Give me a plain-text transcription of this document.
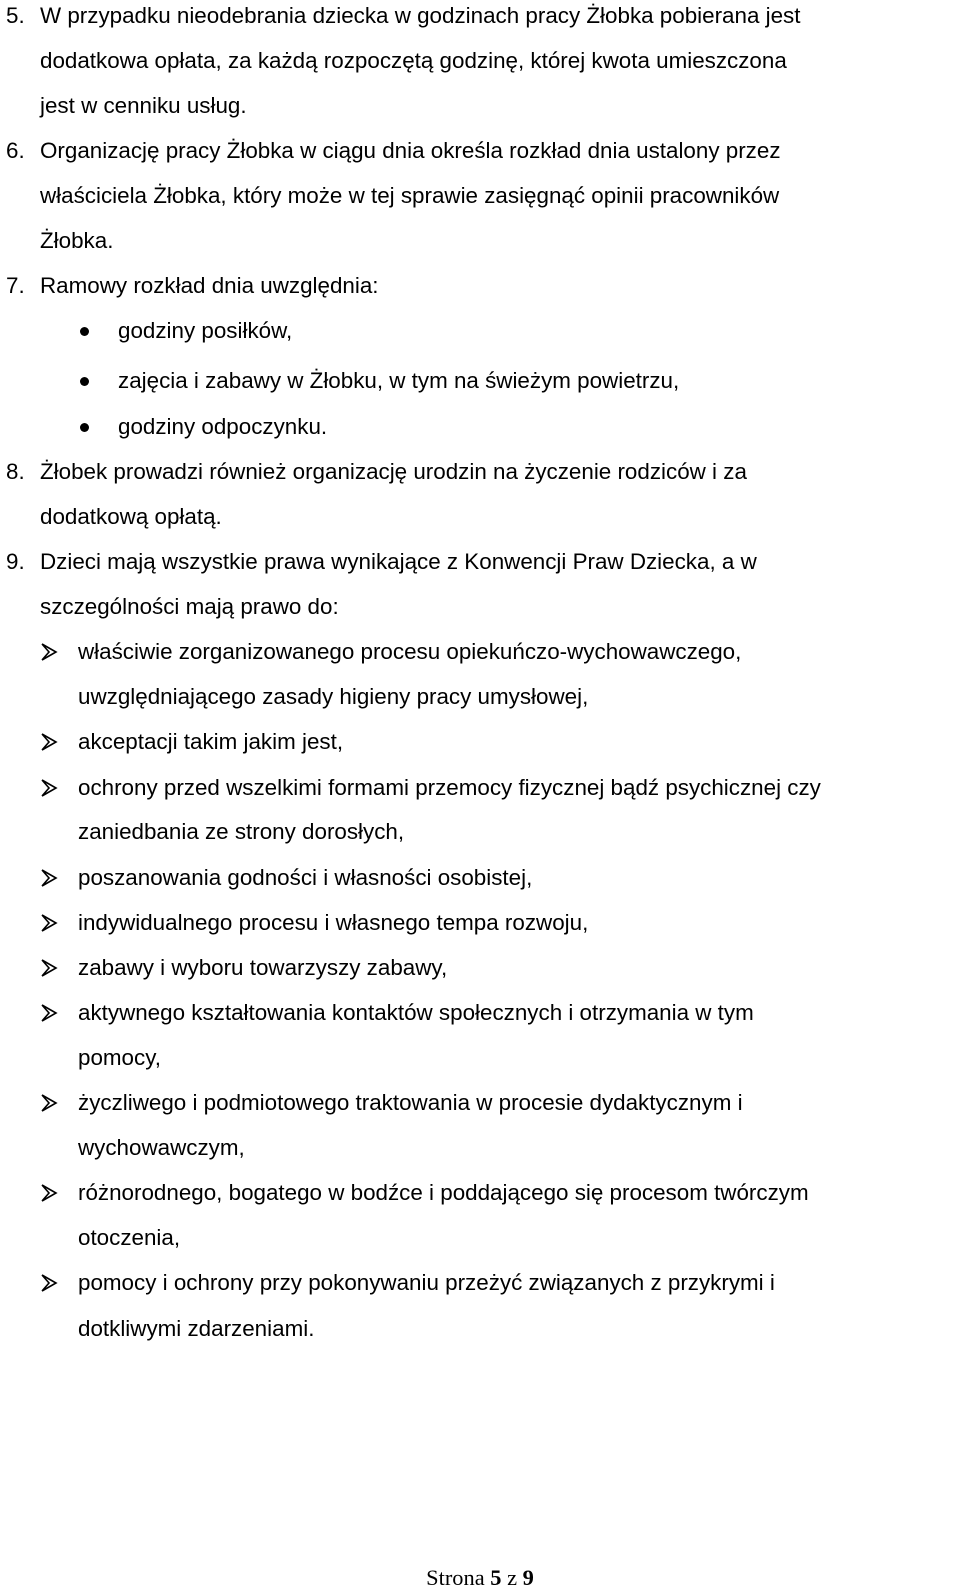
5. W przypadku nieodebrania dziecka w godzinach pracy Żłobka pobierana jest
dodatkowa opłata, za każdą rozpoczętą godzinę, której kwota umieszczona
jest w cenniku usług.
6. Organizację pracy Żłobka w ciągu dnia określa rozkład dnia ustalony przez
właściciela Żłobka, który może w tej sprawie zasięgnąć opinii pracowników
Żłobka.
7. Ramowy rozkład dnia uwzględnia:
godziny posiłków,
zajęcia i zabawy w Żłobku, w tym na świeżym powietrzu,
godziny odpoczynku.
8. Żłobek prowadzi również organizację urodzin na życzenie rodziców i za
dodatkową opłatą.
9. Dzieci mają wszystkie prawa wynikające z Konwencji Praw Dziecka, a w
szczególności mają prawo do:
właściwie zorganizowanego procesu opiekuńczo-wychowawczego,
uwzględniającego zasady higieny pracy umysłowej,
akceptacji takim jakim jest,
ochrony przed wszelkimi formami przemocy fizycznej bądź psychicznej czy
zaniedbania ze strony dorosłych,
poszanowania godności i własności osobistej,
indywidualnego procesu i własnego tempa rozwoju,
zabawy i wyboru towarzyszy zabawy,
aktywnego kształtowania kontaktów społecznych i otrzymania w tym
pomocy,
życzliwego i podmiotowego traktowania w procesie dydaktycznym i
wychowawczym,
różnorodnego, bogatego w bodźce i poddającego się procesom twórczym
otoczenia,
pomocy i ochrony przy pokonywaniu przeżyć związanych z przykrymi i
dotkliwymi zdarzeniami.
Strona 5 z 9
